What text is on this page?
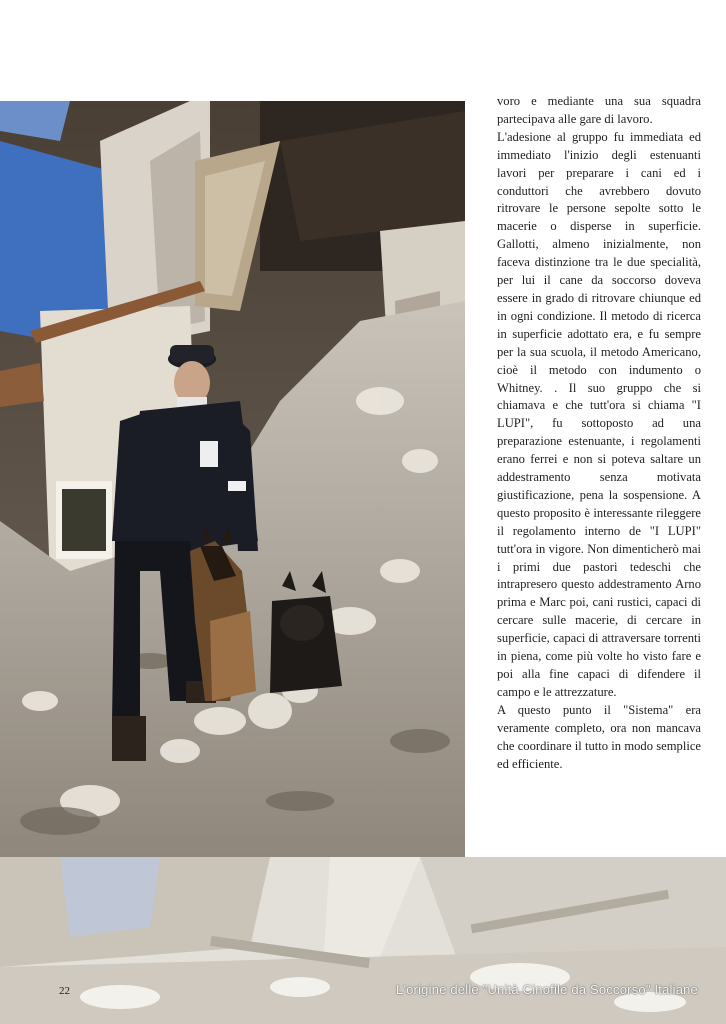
voro e mediante una sua squadra partecipava alle gare di lavoro.

L'adesione al gruppo fu immediata ed immediato l'inizio degli estenuanti lavori per preparare i cani ed i conduttori che avrebbero dovuto ritrovare le persone sepolte sotto le macerie o disperse in superficie. Gallotti, almeno inizialmente, non faceva distinzione tra le due specialità, per lui il cane da soccorso doveva essere in grado di ritrovare chiunque ed in ogni condizione. Il metodo di ricerca in superficie adottato era, e fu sempre per la sua scuola, il metodo Americano, cioè il metodo con indumento o Whitney. . Il suo gruppo che si chiamava e che tutt'ora si chiama "I LUPI", fu sottoposto ad una preparazione estenuante, i regolamenti erano ferrei e non si poteva saltare un addestramento senza motivata giustificazione, pena la sospensione. A questo proposito è interessante rileggere il regolamento interno de "I LUPI" tutt'ora in vigore. Non dimenticherò mai i primi due pastori tedeschi che intrapresero questo addestramento Arno prima e Marc poi, cani rustici, capaci di cercare sulle macerie, di cercare in superficie, capaci di attraversare torrenti in piena, come più volte ho visto fare e poi alla fine capaci di difendere il campo e le attrezzature.

A questo punto il "Sistema" era veramente completo, ora non mancava che coordinare il tutto in modo semplice ed efficiente.

22	L'origine delle "Unità Cinofile da Soccorso" Italiane
